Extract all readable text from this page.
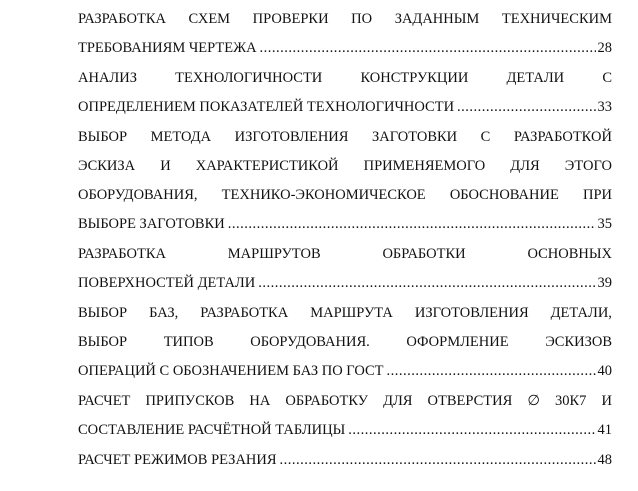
РАЗРАБОТКА СХЕМ ПРОВЕРКИ ПО ЗАДАННЫМ ТЕХНИЧЕСКИМ
ТРЕБОВАНИЯМ ЧЕРТЕЖА .....	28
АНАЛИЗ	ТЕХНОЛОГИЧНОСТИ	КОНСТРУКЦИИ	ДЕТАЛИ	С
ОПРЕДЕЛЕНИЕМ ПОКАЗАТЕЛЕЙ ТЕХНОЛОГИЧНОСТИ .....	33
ВЫБОР МЕТОДА ИЗГОТОВЛЕНИЯ ЗАГОТОВКИ С РАЗРАБОТКОЙ
ЭСКИЗА И ХАРАКТЕРИСТИКОЙ ПРИМЕНЯЕМОГО ДЛЯ ЭТОГО
ОБОРУДОВАНИЯ, ТЕХНИКО-ЭКОНОМИЧЕСКОЕ ОБОСНОВАНИЕ ПРИ
ВЫБОРЕ ЗАГОТОВКИ .....	35
РАЗРАБОТКА	МАРШРУТОВ	ОБРАБОТКИ	ОСНОВНЫХ
ПОВЕРХНОСТЕЙ ДЕТАЛИ .....	39
ВЫБОР БАЗ, РАЗРАБОТКА МАРШРУТА ИЗГОТОВЛЕНИЯ ДЕТАЛИ,
ВЫБОР	ТИПОВ	ОБОРУДОВАНИЯ.	ОФОРМЛЕНИЕ	ЭСКИЗОВ
ОПЕРАЦИЙ С ОБОЗНАЧЕНИЕМ БАЗ ПО ГОСТ .....	40
РАСЧЕТ ПРИПУСКОВ НА ОБРАБОТКУ ДЛЯ ОТВЕРСТИЯ ∅ 30К7 И
СОСТАВЛЕНИЕ РАСЧЁТНОЙ ТАБЛИЦЫ .....	41
РАСЧЕТ РЕЖИМОВ РЕЗАНИЯ .....	48
